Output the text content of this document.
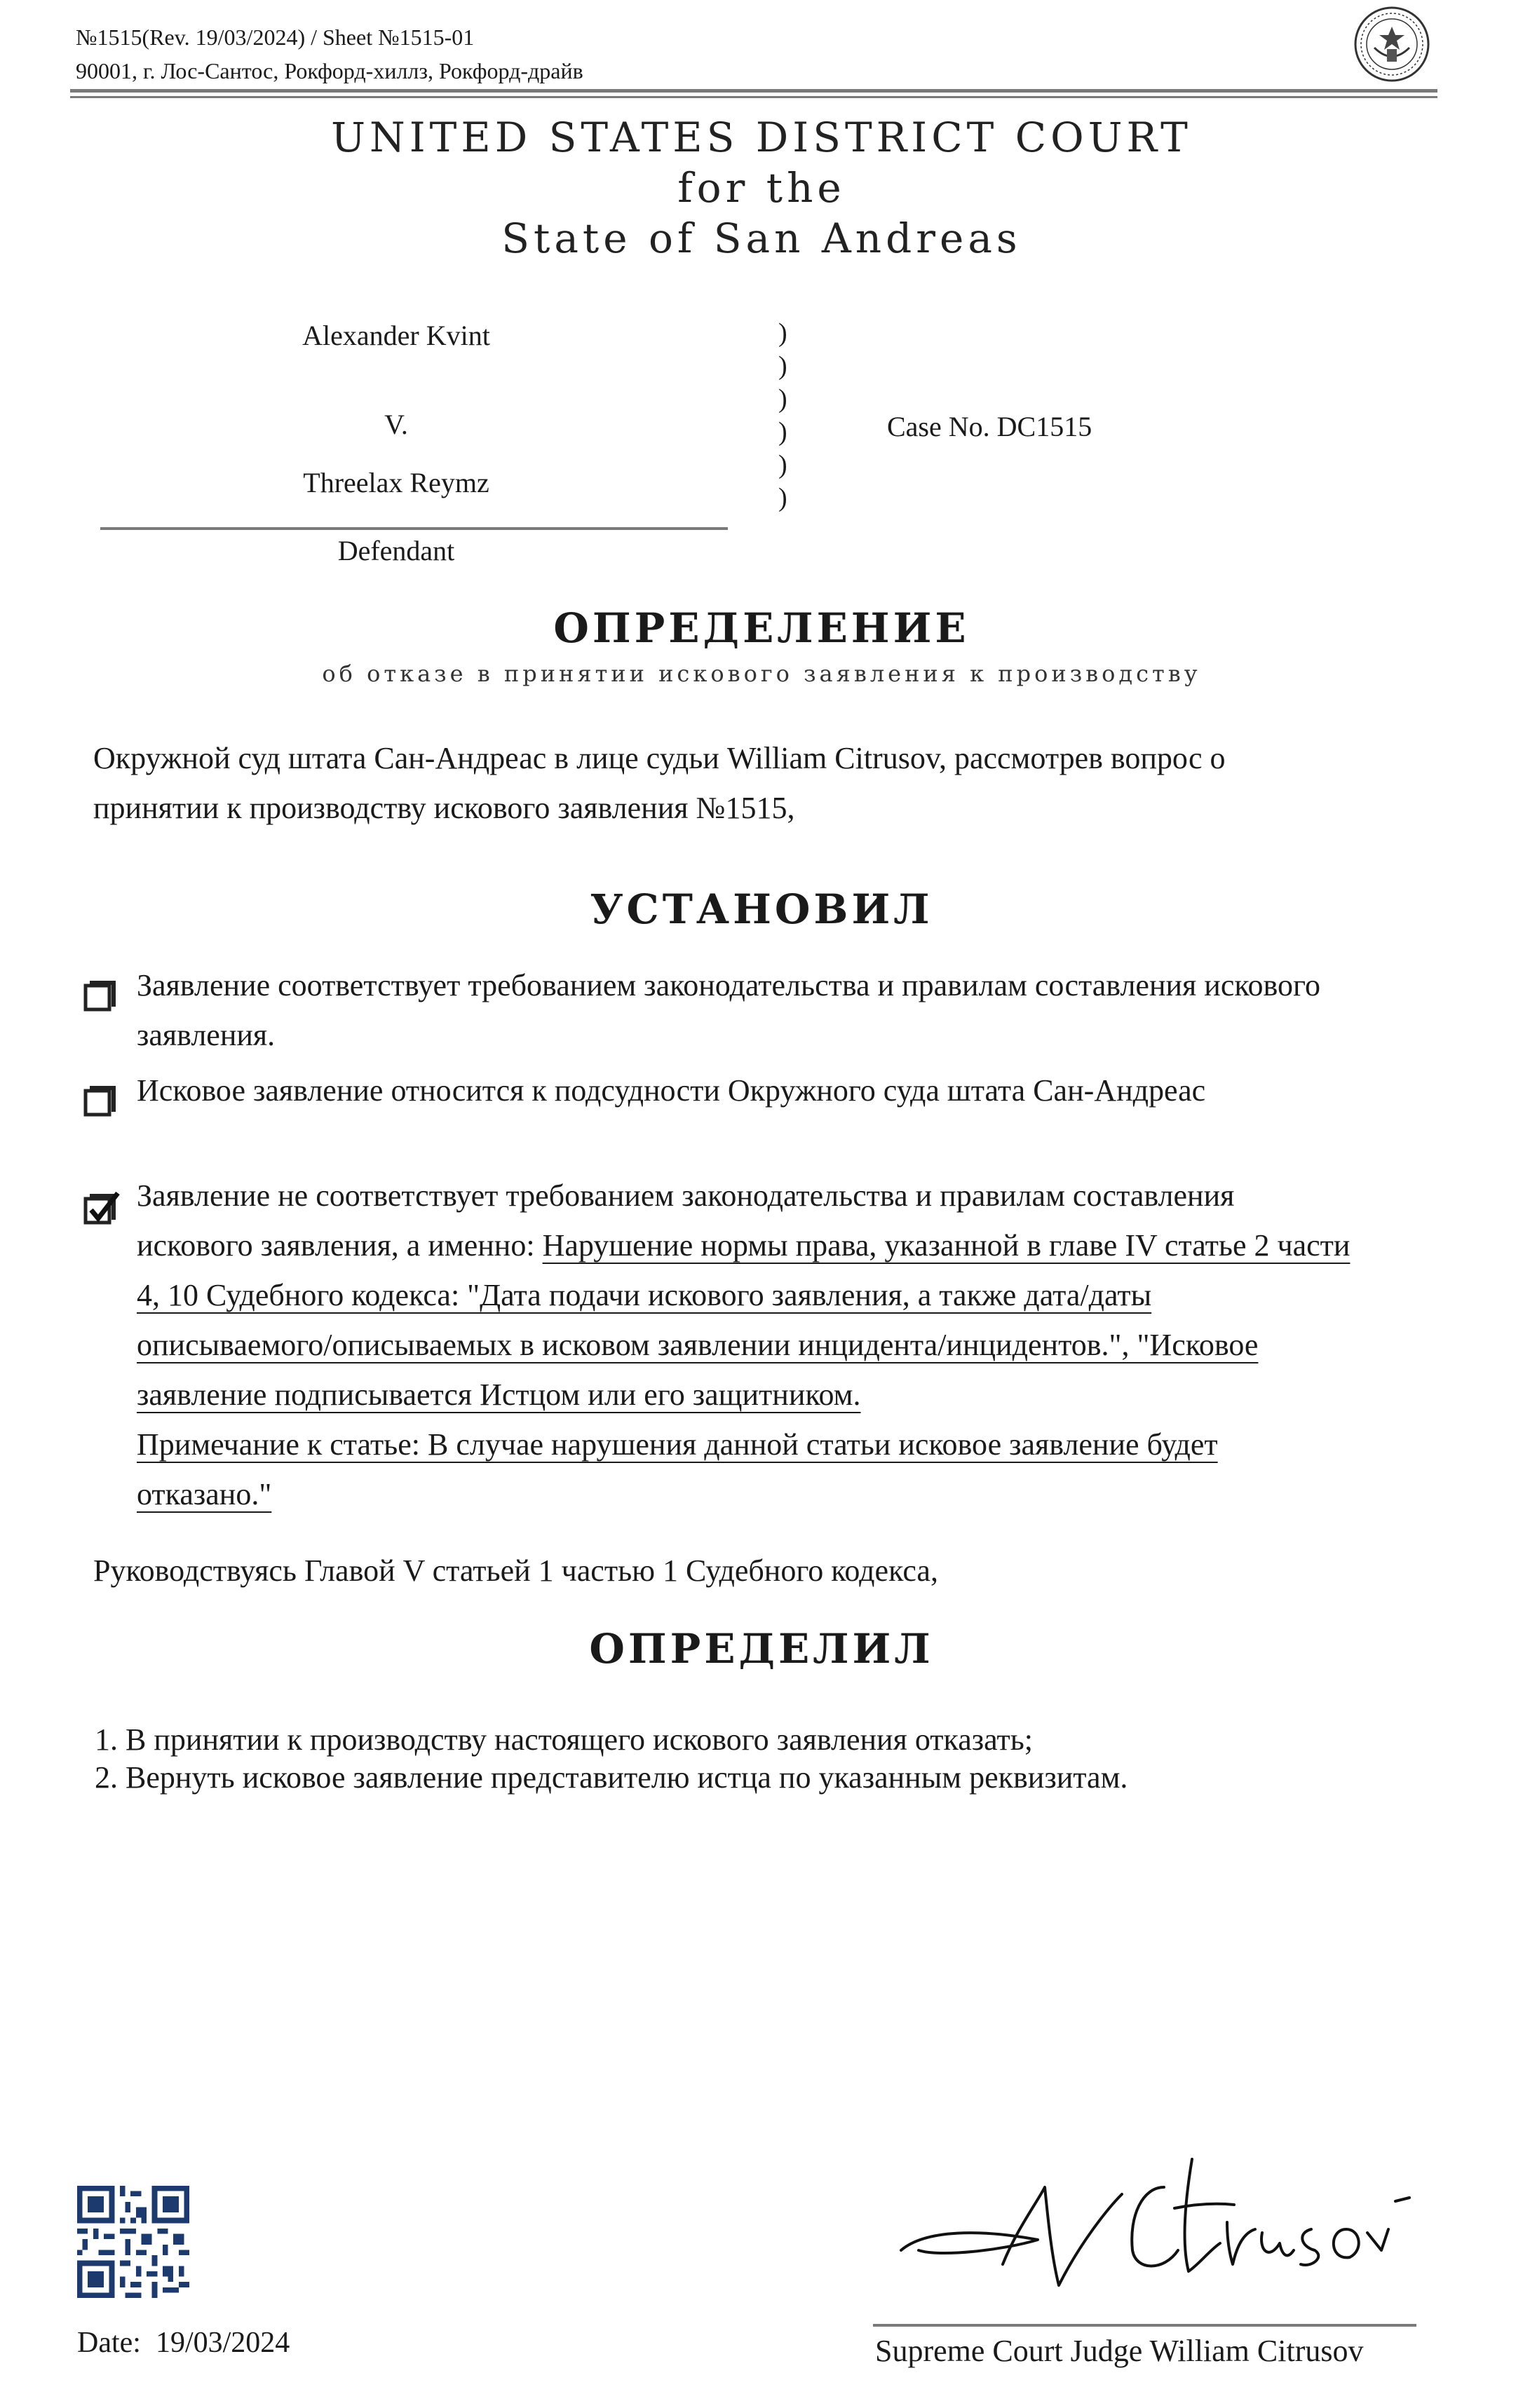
№1515(Rev. 19/03/2024) / Sheet №1515-01
90001, г. Лос-Сантос, Рокфорд-хиллз, Рокфорд-драйв
UNITED STATES DISTRICT COURT
for the
State of San Andreas
Alexander Kvint
V.
Threelax Reymz
Defendant
)
)
)
)
)
)
Case No. DC1515
ОПРЕДЕЛЕНИЕ
об отказе в принятии искового заявления к производству
Окружной суд штата Сан-Андреас в лице судьи William Citrusov, рассмотрев вопрос о
принятии к производству искового заявления №1515,
УСТАНОВИЛ
Заявление соответствует требованием законодательства и правилам составления искового
заявления.
Исковое заявление относится к подсудности Окружного суда штата Сан-Андреас
Заявление не соответствует требованием законодательства и правилам составления
искового заявления, а именно: Нарушение нормы права, указанной в главе IV статье 2 части
4, 10 Судебного кодекса: "Дата подачи искового заявления, а также дата/даты
описываемого/описываемых в исковом заявлении инцидента/инцидентов.", "Исковое
заявление подписывается Истцом или его защитником.
Примечание к статье: В случае нарушения данной статьи исковое заявление будет
отказано."
Руководствуясь Главой V статьей 1 частью 1 Судебного кодекса,
ОПРЕДЕЛИЛ
1. В принятии к производству настоящего искового заявления отказать;
2. Вернуть исковое заявление представителю истца по указанным реквизитам.
Date: 19/03/2024	Supreme Court Judge William Citrusov
